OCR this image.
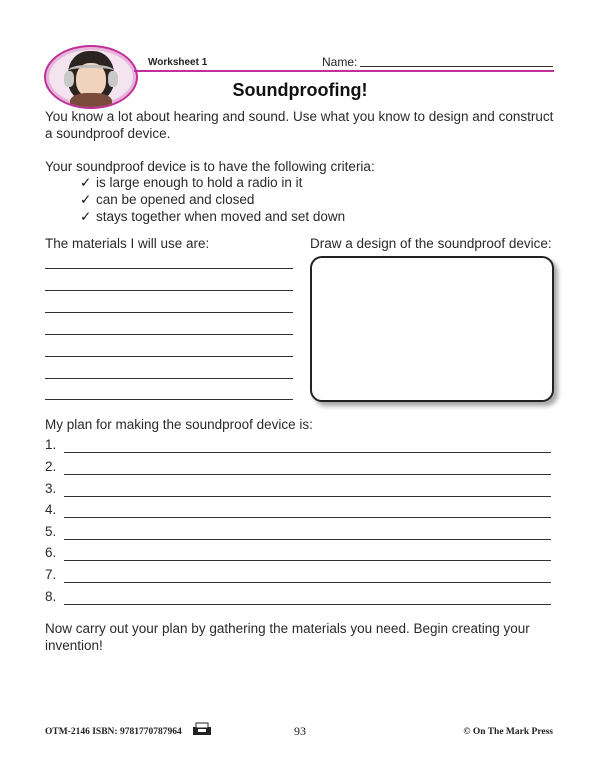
Worksheet 1	Name:
Soundproofing!
You know a lot about hearing and sound. Use what you know to design and construct a soundproof device.
Your soundproof device is to have the following criteria:
✓ is large enough to hold a radio in it
✓ can be opened and closed
✓ stays together when moved and set down
The materials I will use are:	Draw a design of the soundproof device:
My plan for making the soundproof device is:
1.
2.
3.
4.
5.
6.
7.
8.
Now carry out your plan by gathering the materials you need. Begin creating your invention!
OTM-2146 ISBN: 9781770787964	93	© On The Mark Press
